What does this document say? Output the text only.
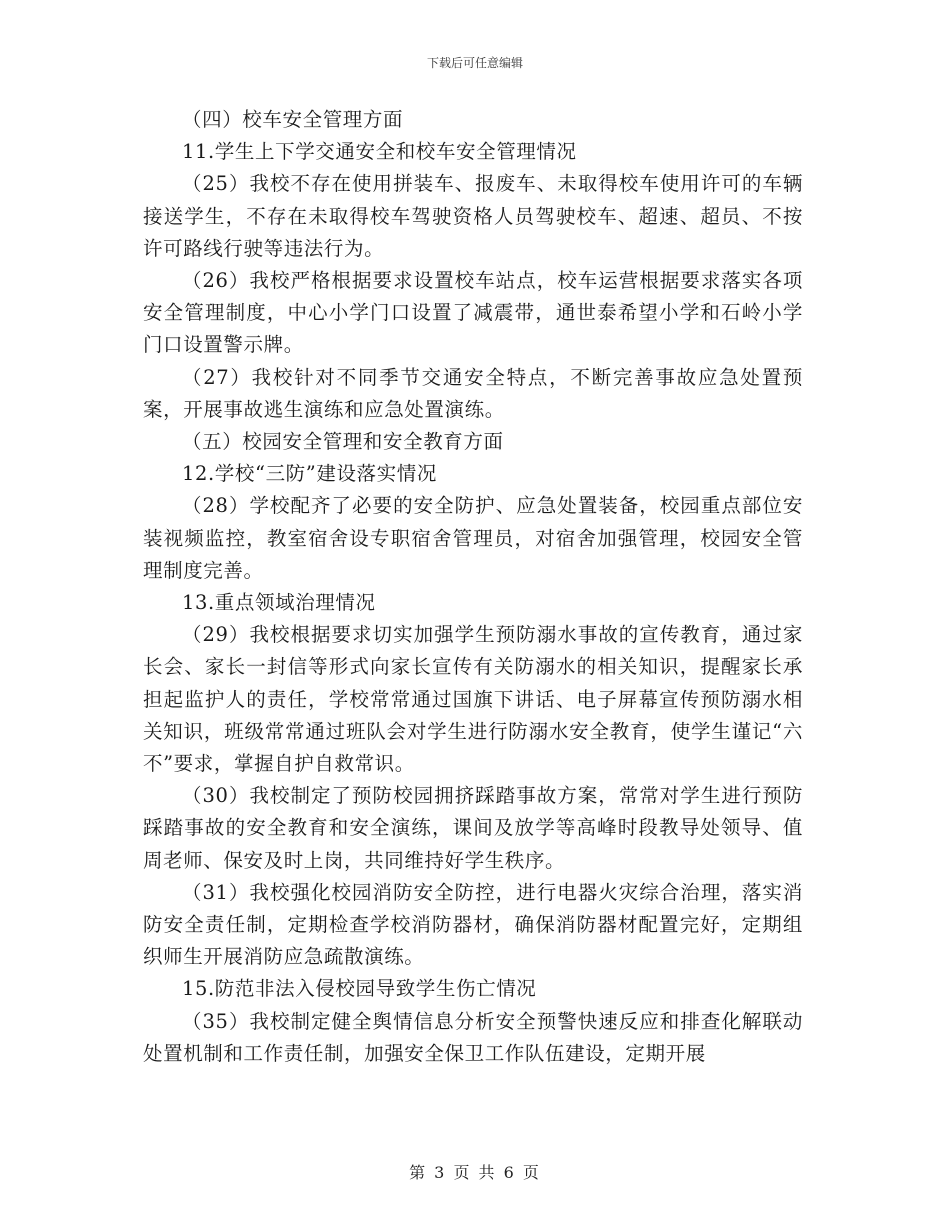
下载后可任意编辑

（四）校车安全管理方面

11.学生上下学交通安全和校车安全管理情况

（25）我校不存在使用拼装车、报废车、未取得校车使用许可的车辆接送学生，不存在未取得校车驾驶资格人员驾驶校车、超速、超员、不按许可路线行驶等违法行为。

（26）我校严格根据要求设置校车站点，校车运营根据要求落实各项安全管理制度，中心小学门口设置了减震带，通世泰希望小学和石岭小学门口设置警示牌。

（27）我校针对不同季节交通安全特点，不断完善事故应急处置预案，开展事故逃生演练和应急处置演练。

（五）校园安全管理和安全教育方面

12.学校“三防”建设落实情况

（28）学校配齐了必要的安全防护、应急处置装备，校园重点部位安装视频监控，教室宿舍设专职宿舍管理员，对宿舍加强管理，校园安全管理制度完善。

13.重点领域治理情况

（29）我校根据要求切实加强学生预防溺水事故的宣传教育，通过家长会、家长一封信等形式向家长宣传有关防溺水的相关知识，提醒家长承担起监护人的责任，学校常常通过国旗下讲话、电子屏幕宣传预防溺水相关知识，班级常常通过班队会对学生进行防溺水安全教育，使学生谨记“六不”要求，掌握自护自救常识。

（30）我校制定了预防校园拥挤踩踏事故方案，常常对学生进行预防踩踏事故的安全教育和安全演练，课间及放学等高峰时段教导处领导、值周老师、保安及时上岗，共同维持好学生秩序。

（31）我校强化校园消防安全防控，进行电器火灾综合治理，落实消防安全责任制，定期检查学校消防器材，确保消防器材配置完好，定期组织师生开展消防应急疏散演练。

15.防范非法入侵校园导致学生伤亡情况

（35）我校制定健全舆情信息分析安全预警快速反应和排查化解联动处置机制和工作责任制，加强安全保卫工作队伍建设，定期开展

第 3 页 共 6 页
